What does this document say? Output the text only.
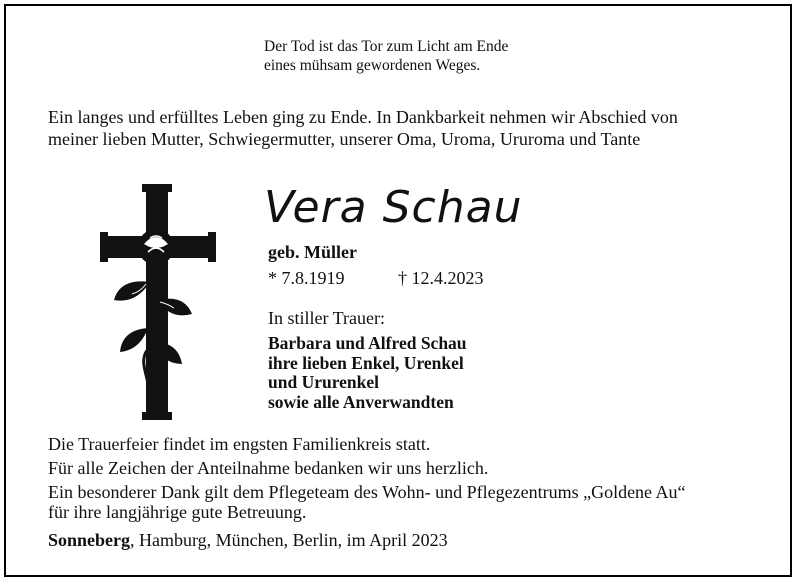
Der Tod ist das Tor zum Licht am Ende
eines mühsam gewordenen Weges.
Ein langes und erfülltes Leben ging zu Ende. In Dankbarkeit nehmen wir Abschied von
meiner lieben Mutter, Schwiegermutter, unserer Oma, Uroma, Ururoma und Tante
Vera Schau
geb. Müller
* 7.8.1919	† 12.4.2023
In stiller Trauer:
Barbara und Alfred Schau
ihre lieben Enkel, Urenkel
und Ururenkel
sowie alle Anverwandten
Die Trauerfeier findet im engsten Familienkreis statt.
Für alle Zeichen der Anteilnahme bedanken wir uns herzlich.
Ein besonderer Dank gilt dem Pflegeteam des Wohn- und Pflegezentrums „Goldene Au“
für ihre langjährige gute Betreuung.
Sonneberg, Hamburg, München, Berlin, im April 2023
